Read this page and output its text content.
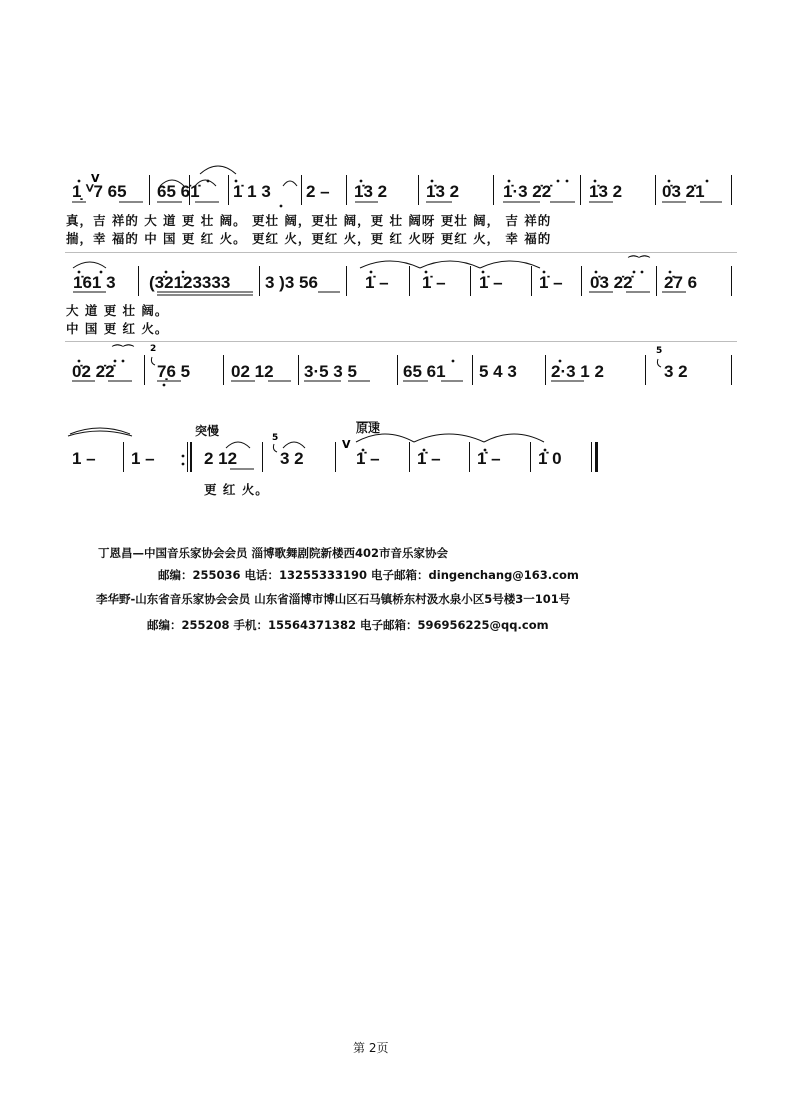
V
1̣ ⱽ7 65 65 6̇1̇ 1̇ 1 3 2 – 1̇3 2 1̇3 2	1̇·3 2̇2̇ 1̇3 2 0̇3 2̇1
真，吉 祥的 大 道 更 壮 阔。 更壮 阔，更壮 阔，更 壮 阔呀 更壮 阔， 吉 祥的
揣，幸 福的 中 国 更 红 火。 更红 火，更红 火，更 红 火呀 更红 火， 幸 福的
⌒⌒
1̇61 3 (3̇21̇23333 3 )3 56	1̇ – 1̇ – 1̇ – 1̇ – 0̇3 2̇2̇ 2̇7 6
大 道 更 壮 阔。
中 国 更 红 火。
⌒⌒ 2	5
0̇2 2̇2̇ 7̣6 5 02 12 3·5 3 5	65 61 5 4 3 2·3 1 2	3 2
V
5
突慢	原速
1 – 1 –	2 12	3 2	1̇ – 1̇ – 1̇ – 1̇ 0
更 红 火。
丁恩昌—中国音乐家协会会员 淄博歌舞剧院新楼西402市音乐家协会
邮编：255036 电话：13255333190 电子邮箱：dingenchang@163.com
李华野-山东省音乐家协会会员 山东省淄博市博山区石马镇桥东村汲水泉小区5号楼3一101号
邮编：255208 手机：15564371382 电子邮箱：596956225@qq.com
第 2页
